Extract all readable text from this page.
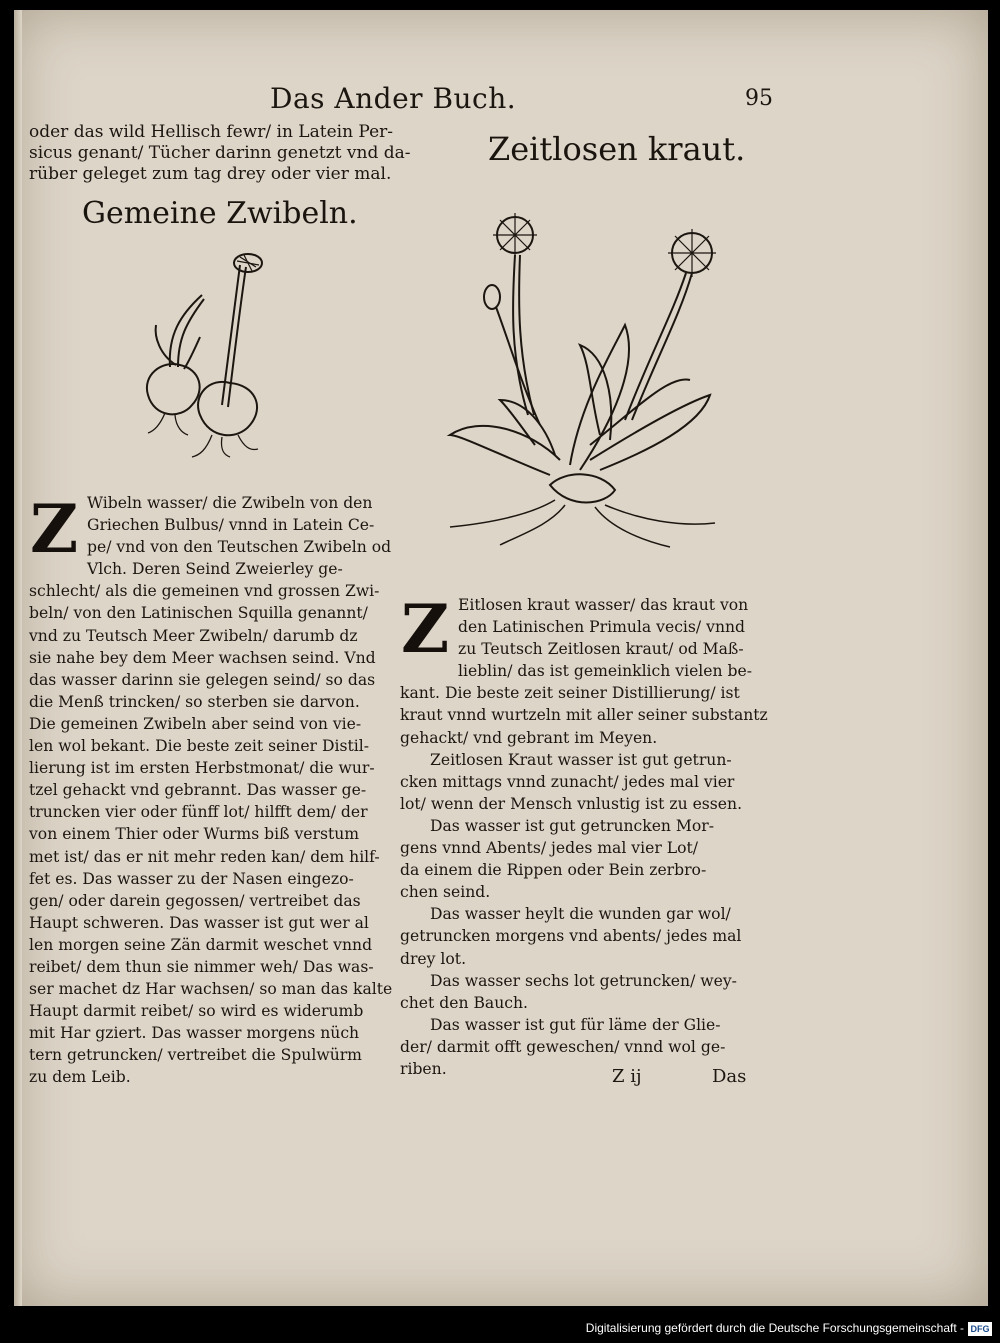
Das Ander Buch.	95
oder das wild Hellisch fewr/ in Latein Per-
sicus genant/ Tücher darinn genetzt vnd da-
rüber geleget zum tag drey oder vier mal.
Gemeine Zwibeln.
Z Wibeln wasser/ die Zwibeln von den
Griechen Bulbus/ vnnd in Latein Ce-
pe/ vnd von den Teutschen Zwibeln od
Vlch. Deren Seind Zweierley ge-
schlecht/ als die gemeinen vnd grossen Zwi-
beln/ von den Latinischen Squilla genannt/
vnd zu Teutsch Meer Zwibeln/ darumb dz
sie nahe bey dem Meer wachsen seind. Vnd
das wasser darinn sie gelegen seind/ so das
die Menß trincken/ so sterben sie darvon.
Die gemeinen Zwibeln aber seind von vie-
len wol bekant. Die beste zeit seiner Distil-
lierung ist im ersten Herbstmonat/ die wur-
tzel gehackt vnd gebrannt. Das wasser ge-
truncken vier oder fünff lot/ hilfft dem/ der
von einem Thier oder Wurms biß verstum
met ist/ das er nit mehr reden kan/ dem hilf-
fet es. Das wasser zu der Nasen eingezo-
gen/ oder darein gegossen/ vertreibet das
Haupt schweren. Das wasser ist gut wer al
len morgen seine Zän darmit weschet vnnd
reibet/ dem thun sie nimmer weh/ Das was-
ser machet dz Har wachsen/ so man das kalte
Haupt darmit reibet/ so wird es widerumb
mit Har gziert. Das wasser morgens nüch
tern getruncken/ vertreibet die Spulwürm
zu dem Leib.
Zeitlosen kraut.
Z Eitlosen kraut wasser/ das kraut von
den Latinischen Primula vecis/ vnnd
zu Teutsch Zeitlosen kraut/ od Maß-
lieblin/ das ist gemeinklich vielen be-
kant. Die beste zeit seiner Distillierung/ ist
kraut vnnd wurtzeln mit aller seiner substantz
gehackt/ vnd gebrant im Meyen.
Zeitlosen Kraut wasser ist gut getrun-
cken mittags vnnd zunacht/ jedes mal vier
lot/ wenn der Mensch vnlustig ist zu essen.
Das wasser ist gut getruncken Mor-
gens vnnd Abents/ jedes mal vier Lot/
da einem die Rippen oder Bein zerbro-
chen seind.
Das wasser heylt die wunden gar wol/
getruncken morgens vnd abents/ jedes mal
drey lot.
Das wasser sechs lot getruncken/ wey-
chet den Bauch.
Das wasser ist gut für läme der Glie-
der/ darmit offt geweschen/ vnnd wol ge-
riben.	Z ij	Das
Digitalisierung gefördert durch die Deutsche Forschungsgemeinschaft - DFG
